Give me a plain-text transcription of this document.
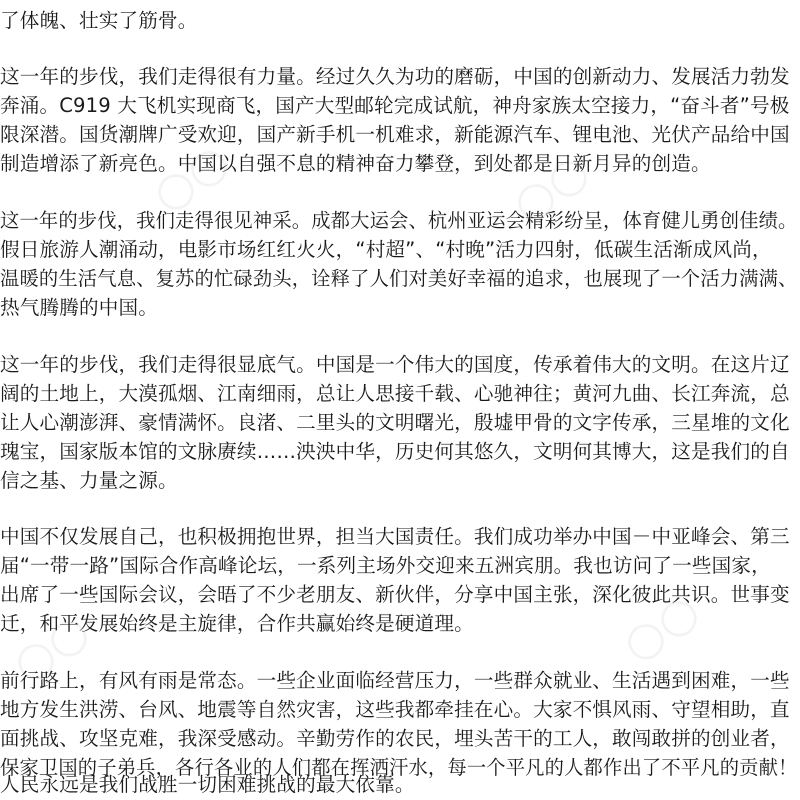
○○	○○
○○	○○
了体魄、壮实了筋骨。
这一年的步伐，我们走得很有力量。经过久久为功的磨砺，中国的创新动力、发展活力勃发
奔涌。C919 大飞机实现商飞，国产大型邮轮完成试航，神舟家族太空接力，“奋斗者”号极
限深潜。国货潮牌广受欢迎，国产新手机一机难求，新能源汽车、锂电池、光伏产品给中国
制造增添了新亮色。中国以自强不息的精神奋力攀登，到处都是日新月异的创造。
这一年的步伐，我们走得很见神采。成都大运会、杭州亚运会精彩纷呈，体育健儿勇创佳绩。
假日旅游人潮涌动，电影市场红红火火，“村超”、“村晚”活力四射，低碳生活渐成风尚，
温暖的生活气息、复苏的忙碌劲头，诠释了人们对美好幸福的追求，也展现了一个活力满满、
热气腾腾的中国。
这一年的步伐，我们走得很显底气。中国是一个伟大的国度，传承着伟大的文明。在这片辽
阔的土地上，大漠孤烟、江南细雨，总让人思接千载、心驰神往；黄河九曲、长江奔流，总
让人心潮澎湃、豪情满怀。良渚、二里头的文明曙光，殷墟甲骨的文字传承，三星堆的文化
瑰宝，国家版本馆的文脉赓续……泱泱中华，历史何其悠久，文明何其博大，这是我们的自
信之基、力量之源。
中国不仅发展自己，也积极拥抱世界，担当大国责任。我们成功举办中国－中亚峰会、第三
届“一带一路”国际合作高峰论坛，一系列主场外交迎来五洲宾朋。我也访问了一些国家，
出席了一些国际会议，会晤了不少老朋友、新伙伴，分享中国主张，深化彼此共识。世事变
迁，和平发展始终是主旋律，合作共赢始终是硬道理。
前行路上，有风有雨是常态。一些企业面临经营压力，一些群众就业、生活遇到困难，一些
地方发生洪涝、台风、地震等自然灾害，这些我都牵挂在心。大家不惧风雨、守望相助，直
面挑战、攻坚克难，我深受感动。辛勤劳作的农民，埋头苦干的工人，敢闯敢拼的创业者，
保家卫国的子弟兵，各行各业的人们都在挥洒汗水，每一个平凡的人都作出了不平凡的贡献！
人民永远是我们战胜一切困难挑战的最大依靠。
